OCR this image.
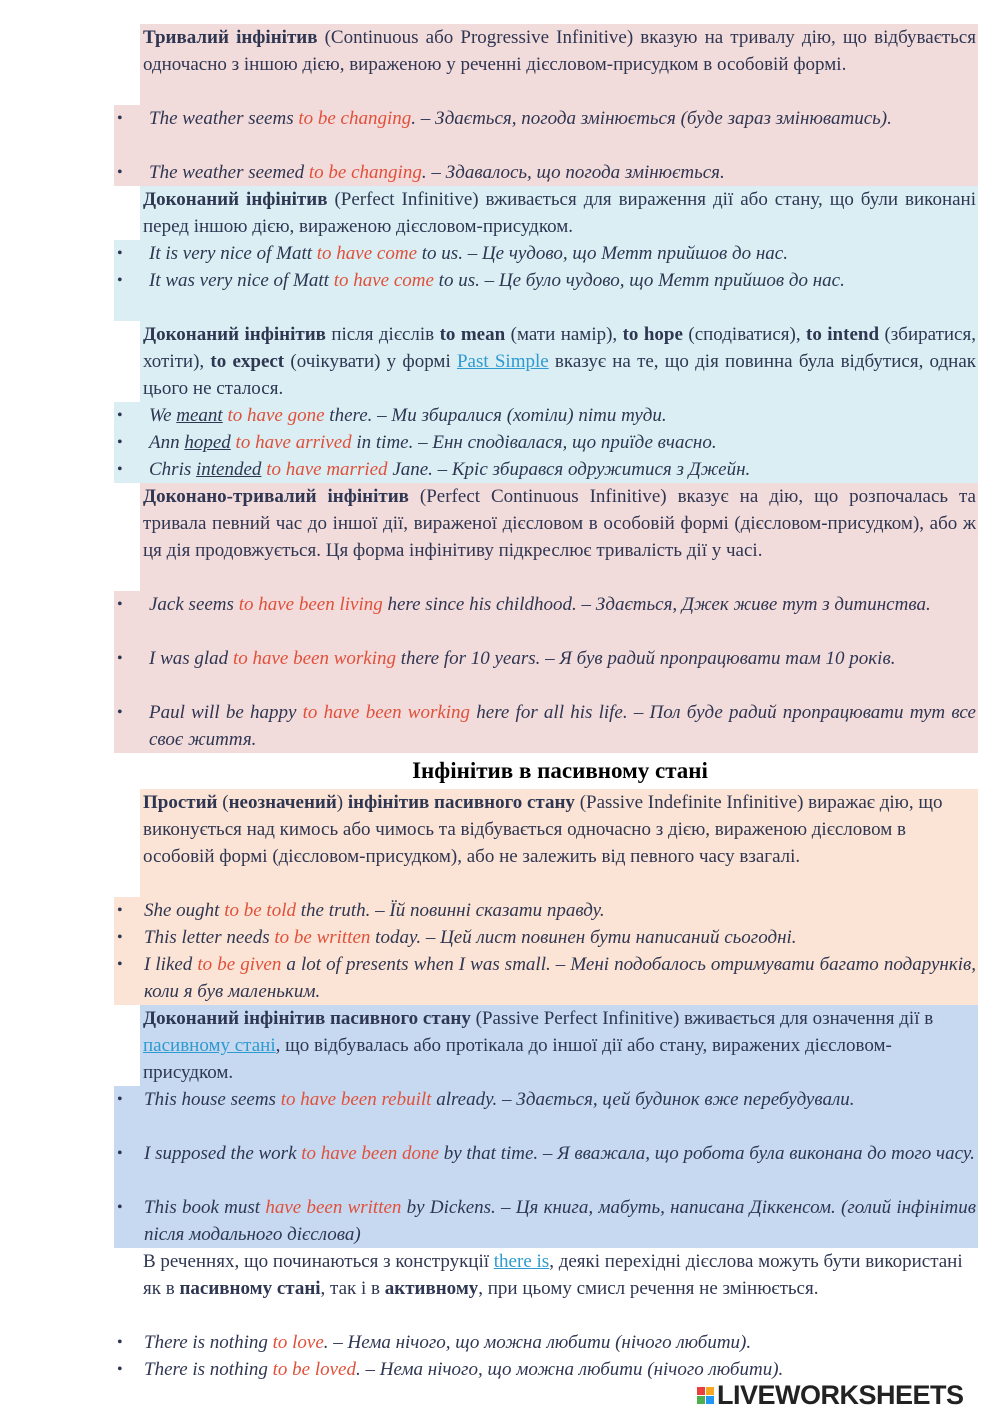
Тривалий інфінітив (Continuous або Progressive Infinitive) вказую на тривалу дію, що відбувається одночасно з іншою дією, вираженою у реченні дієсловом-присудком в особовій формі.
• The weather seems to be changing. – Здається, погода змінюється (буде зараз змінюватись).
• The weather seemed to be changing. – Здавалось, що погода змінюється.
Доконаний інфінітив (Perfect Infinitive) вживається для вираження дії або стану, що були виконані перед іншою дією, вираженою дієсловом-присудком.
• It is very nice of Matt to have come to us. – Це чудово, що Метт прийшов до нас.
• It was very nice of Matt to have come to us. – Це було чудово, що Метт прийшов до нас.
Доконаний інфінітив після дієслів to mean (мати намір), to hope (сподіватися), to intend (збиратися, хотіти), to expect (очікувати) у формі Past Simple вказує на те, що дія повинна була відбутися, однак цього не сталося.
• We meant to have gone there. – Ми збиралися (хотіли) піти туди.
• Ann hoped to have arrived in time. – Енн сподівалася, що приїде вчасно.
• Chris intended to have married Jane. – Кріс збирався одружитися з Джейн.
Доконано-тривалий інфінітив (Perfect Continuous Infinitive) вказує на дію, що розпочалась та тривала певний час до іншої дії, вираженої дієсловом в особовій формі (дієсловом-присудком), або ж ця дія продовжується. Ця форма інфінітиву підкреслює тривалість дії у часі.
• Jack seems to have been living here since his childhood. – Здається, Джек живе тут з дитинства.
• I was glad to have been working there for 10 years. – Я був радий пропрацювати там 10 років.
• Paul will be happy to have been working here for all his life. – Пол буде радий пропрацювати тут все своє життя.
Інфінітив в пасивному стані
Простий (неозначений) інфінітив пасивного стану (Passive Indefinite Infinitive) виражає дію, що виконується над кимось або чимось та відбувається одночасно з дією, вираженою дієсловом в особовій формі (дієсловом-присудком), або не залежить від певного часу взагалі.
• She ought to be told the truth. – Їй повинні сказати правду.
• This letter needs to be written today. – Цей лист повинен бути написаний сьогодні.
• I liked to be given a lot of presents when I was small. – Мені подобалось отримувати багато подарунків, коли я був маленьким.
Доконаний інфінітив пасивного стану (Passive Perfect Infinitive) вживається для означення дії в пасивному стані, що відбувалась або протікала до іншої дії або стану, виражених дієсловом-присудком.
• This house seems to have been rebuilt already. – Здається, цей будинок вже перебудували.
• I supposed the work to have been done by that time. – Я вважала, що робота була виконана до того часу.
• This book must have been written by Dickens. – Ця книга, мабуть, написана Діккенсом. (голий інфінітив після модального дієслова)
В реченнях, що починаються з конструкції there is, деякі перехідні дієслова можуть бути використані як в пасивному стані, так і в активному, при цьому смисл речення не змінюється.
• There is nothing to love. – Нема нічого, що можна любити (нічого любити).
• There is nothing to be loved. – Нема нічого, що можна любити (нічого любити).
LIVEWORKSHEETS
